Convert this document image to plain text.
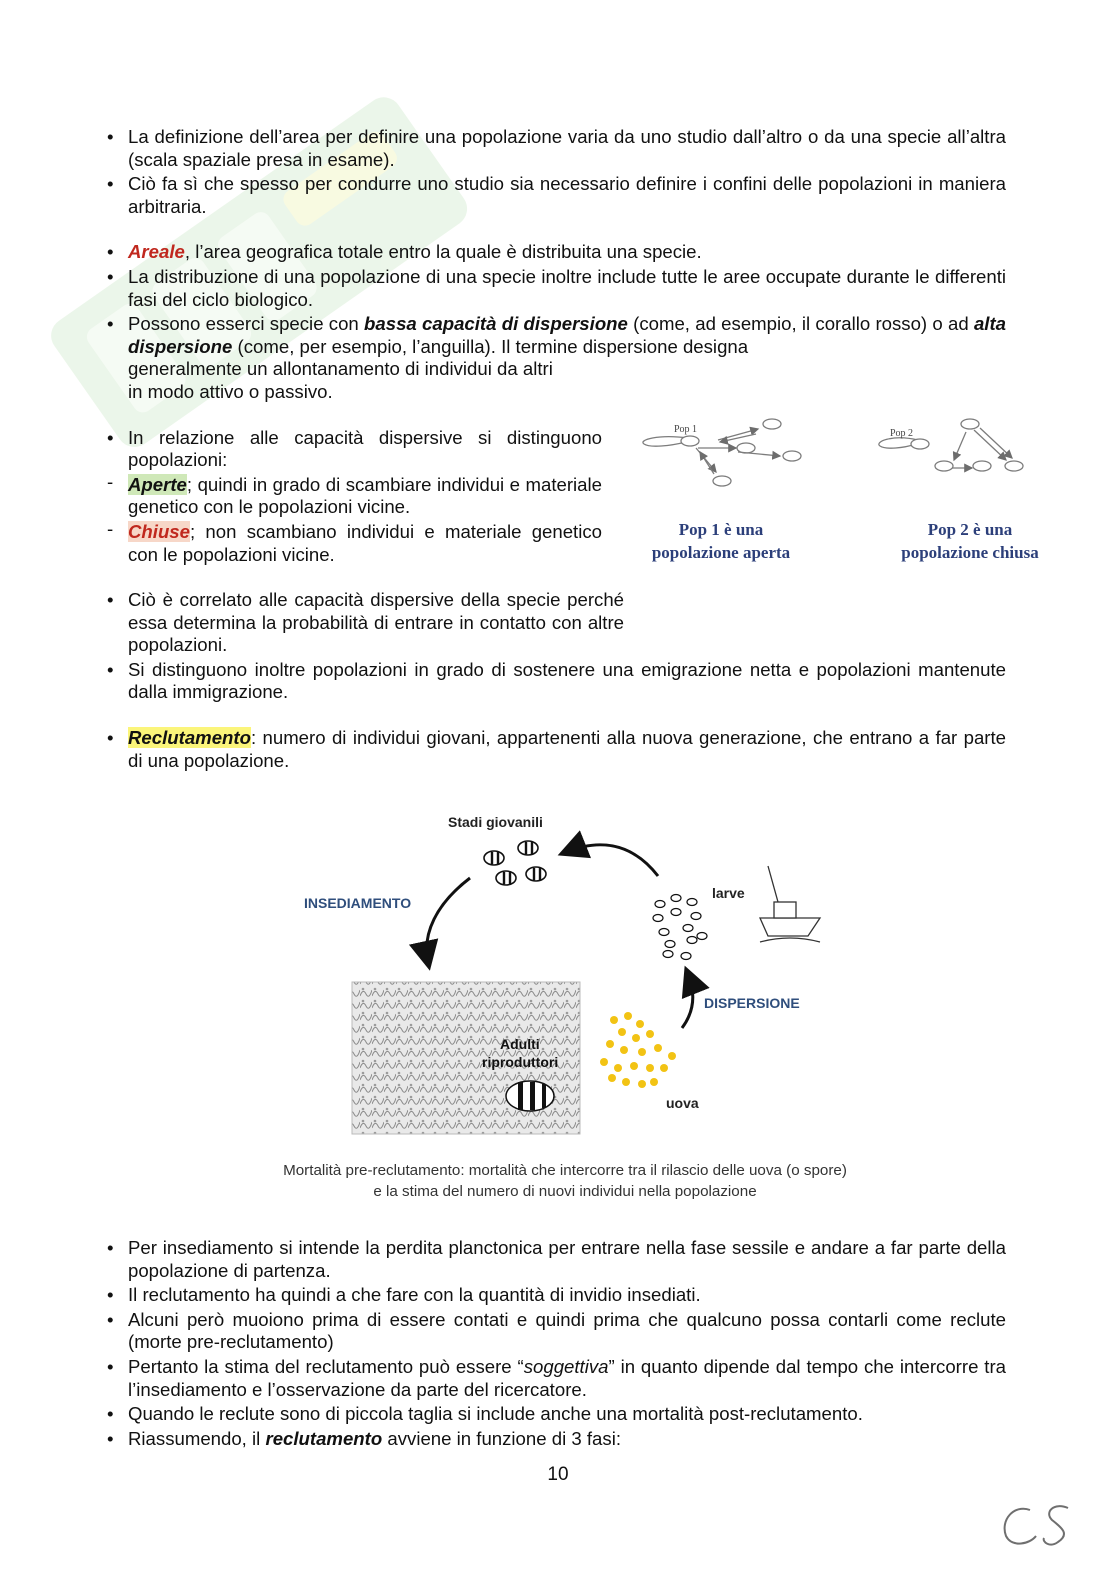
• La definizione dell’area per definire una popolazione varia da uno studio dall’altro o da una specie all’altra (scala spaziale presa in esame).
• Ciò fa sì che spesso per condurre uno studio sia necessario definire i confini delle popolazioni in maniera arbitraria.
• Areale, l’area geografica totale entro la quale è distribuita una specie.
• La distribuzione di una popolazione di una specie inoltre include tutte le aree occupate durante le differenti fasi del ciclo biologico.
• Possono esserci specie con bassa capacità di dispersione (come, ad esempio, il corallo rosso) o ad alta dispersione (come, per esempio, l’anguilla). Il termine dispersione designa
generalmente un allontanamento di individui da altri
in modo attivo o passivo.
• In relazione alle capacità dispersive si distinguono popolazioni:
- Aperte; quindi in grado di scambiare individui e materiale genetico con le popolazioni vicine.
- Chiuse; non scambiano individui e materiale genetico con le popolazioni vicine.
• Ciò è correlato alle capacità dispersive della specie perché essa determina la probabilità di entrare in contatto con altre popolazioni.
• Si distinguono inoltre popolazioni in grado di sostenere una emigrazione netta e popolazioni mantenute dalla immigrazione.
• Reclutamento: numero di individui giovani, appartenenti alla nuova generazione, che entrano a far parte di una popolazione.
Pop 1	Pop 2
Pop 1 è una
popolazione aperta
Pop 2 è una
popolazione chiusa
Stadi giovanili
INSEDIAMENTO
larve
DISPERSIONE
Adulti
riproduttori
uova
Mortalità pre-reclutamento: mortalità che intercorre tra il rilascio delle uova (o spore)
e la stima del numero di nuovi individui nella popolazione
• Per insediamento si intende la perdita planctonica per entrare nella fase sessile e andare a far parte della popolazione di partenza.
• Il reclutamento ha quindi a che fare con la quantità di invidio insediati.
• Alcuni però muoiono prima di essere contati e quindi prima che qualcuno possa contarli come reclute (morte pre-reclutamento)
• Pertanto la stima del reclutamento può essere “soggettiva” in quanto dipende dal tempo che intercorre tra l’insediamento e l’osservazione da parte del ricercatore.
• Quando le reclute sono di piccola taglia si include anche una mortalità post-reclutamento.
• Riassumendo, il reclutamento avviene in funzione di 3 fasi:
10
